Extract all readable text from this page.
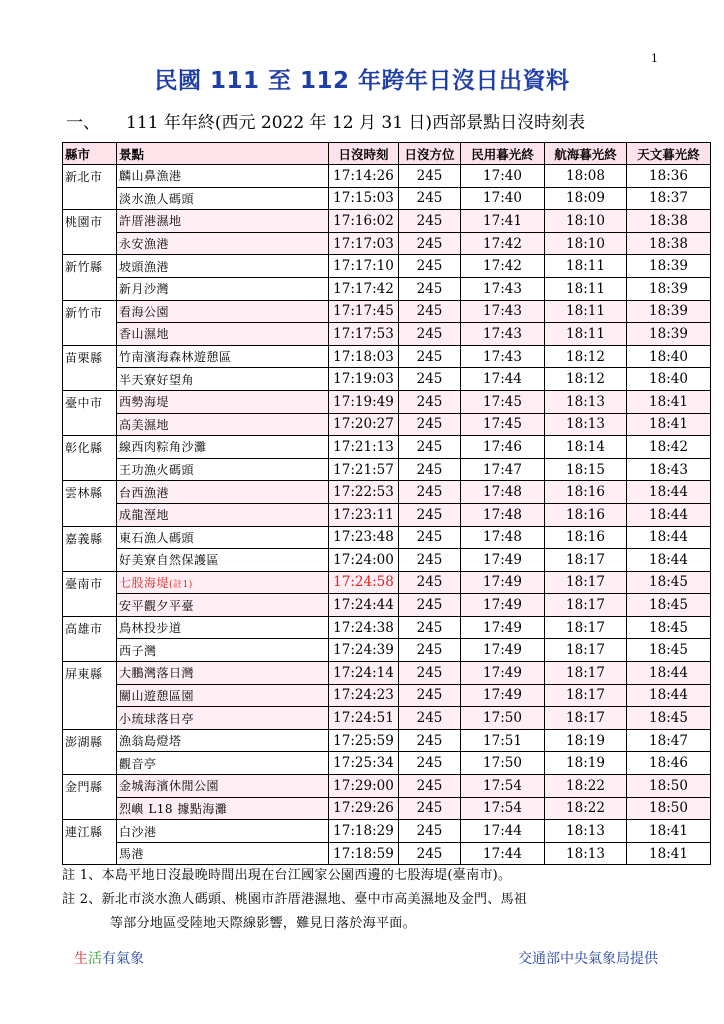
1
民國 111 至 112 年跨年日沒日出資料
一、 111 年年終(西元 2022 年 12 月 31 日)西部景點日沒時刻表
縣市	景點	日沒時刻	日沒方位	民用暮光終	航海暮光終	天文暮光終
新北市	麟山鼻漁港	17:14:26	245	17:40	18:08	18:36
	淡水漁人碼頭	17:15:03	245	17:40	18:09	18:37
桃園市	許厝港濕地	17:16:02	245	17:41	18:10	18:38
	永安漁港	17:17:03	245	17:42	18:10	18:38
新竹縣	坡頭漁港	17:17:10	245	17:42	18:11	18:39
	新月沙灣	17:17:42	245	17:43	18:11	18:39
新竹市	看海公園	17:17:45	245	17:43	18:11	18:39
	香山濕地	17:17:53	245	17:43	18:11	18:39
苗栗縣	竹南濱海森林遊憩區	17:18:03	245	17:43	18:12	18:40
	半天寮好望角	17:19:03	245	17:44	18:12	18:40
臺中市	西勢海堤	17:19:49	245	17:45	18:13	18:41
	高美濕地	17:20:27	245	17:45	18:13	18:41
彰化縣	線西肉粽角沙灘	17:21:13	245	17:46	18:14	18:42
	王功漁火碼頭	17:21:57	245	17:47	18:15	18:43
雲林縣	台西漁港	17:22:53	245	17:48	18:16	18:44
	成龍溼地	17:23:11	245	17:48	18:16	18:44
嘉義縣	東石漁人碼頭	17:23:48	245	17:48	18:16	18:44
	好美寮自然保護區	17:24:00	245	17:49	18:17	18:44
臺南市	七股海堤(註1)	17:24:58	245	17:49	18:17	18:45
	安平觀夕平臺	17:24:44	245	17:49	18:17	18:45
高雄市	鳥林投步道	17:24:38	245	17:49	18:17	18:45
	西子灣	17:24:39	245	17:49	18:17	18:45
屏東縣	大鵬灣落日灣	17:24:14	245	17:49	18:17	18:44
	關山遊憩區園	17:24:23	245	17:49	18:17	18:44
	小琉球落日亭	17:24:51	245	17:50	18:17	18:45
澎湖縣	漁翁島燈塔	17:25:59	245	17:51	18:19	18:47
	觀音亭	17:25:34	245	17:50	18:19	18:46
金門縣	金城海濱休閒公園	17:29:00	245	17:54	18:22	18:50
	烈嶼 L18 據點海灘	17:29:26	245	17:54	18:22	18:50
連江縣	白沙港	17:18:29	245	17:44	18:13	18:41
	馬港	17:18:59	245	17:44	18:13	18:41
註 1、本島平地日沒最晚時間出現在台江國家公園西邊的七股海堤(臺南市)。
註 2、新北市淡水漁人碼頭、桃園市許厝港濕地、臺中市高美濕地及金門、馬祖
等部分地區受陸地天際線影響，難見日落於海平面。
生活有氣象	交通部中央氣象局提供
